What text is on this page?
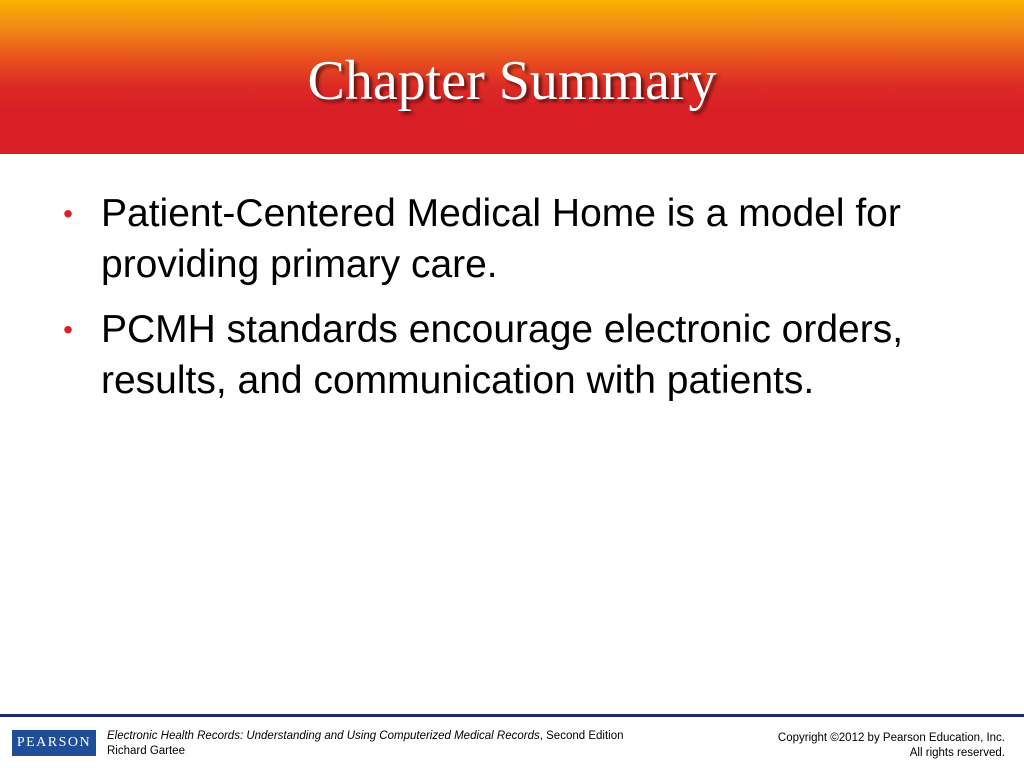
Chapter Summary
• Patient-Centered Medical Home is a model for providing primary care.
• PCMH standards encourage electronic orders, results, and communication with patients.
PEARSON Electronic Health Records: Understanding and Using Computerized Medical Records, Second Edition
Richard Gartee
Copyright ©2012 by Pearson Education, Inc.
All rights reserved.
